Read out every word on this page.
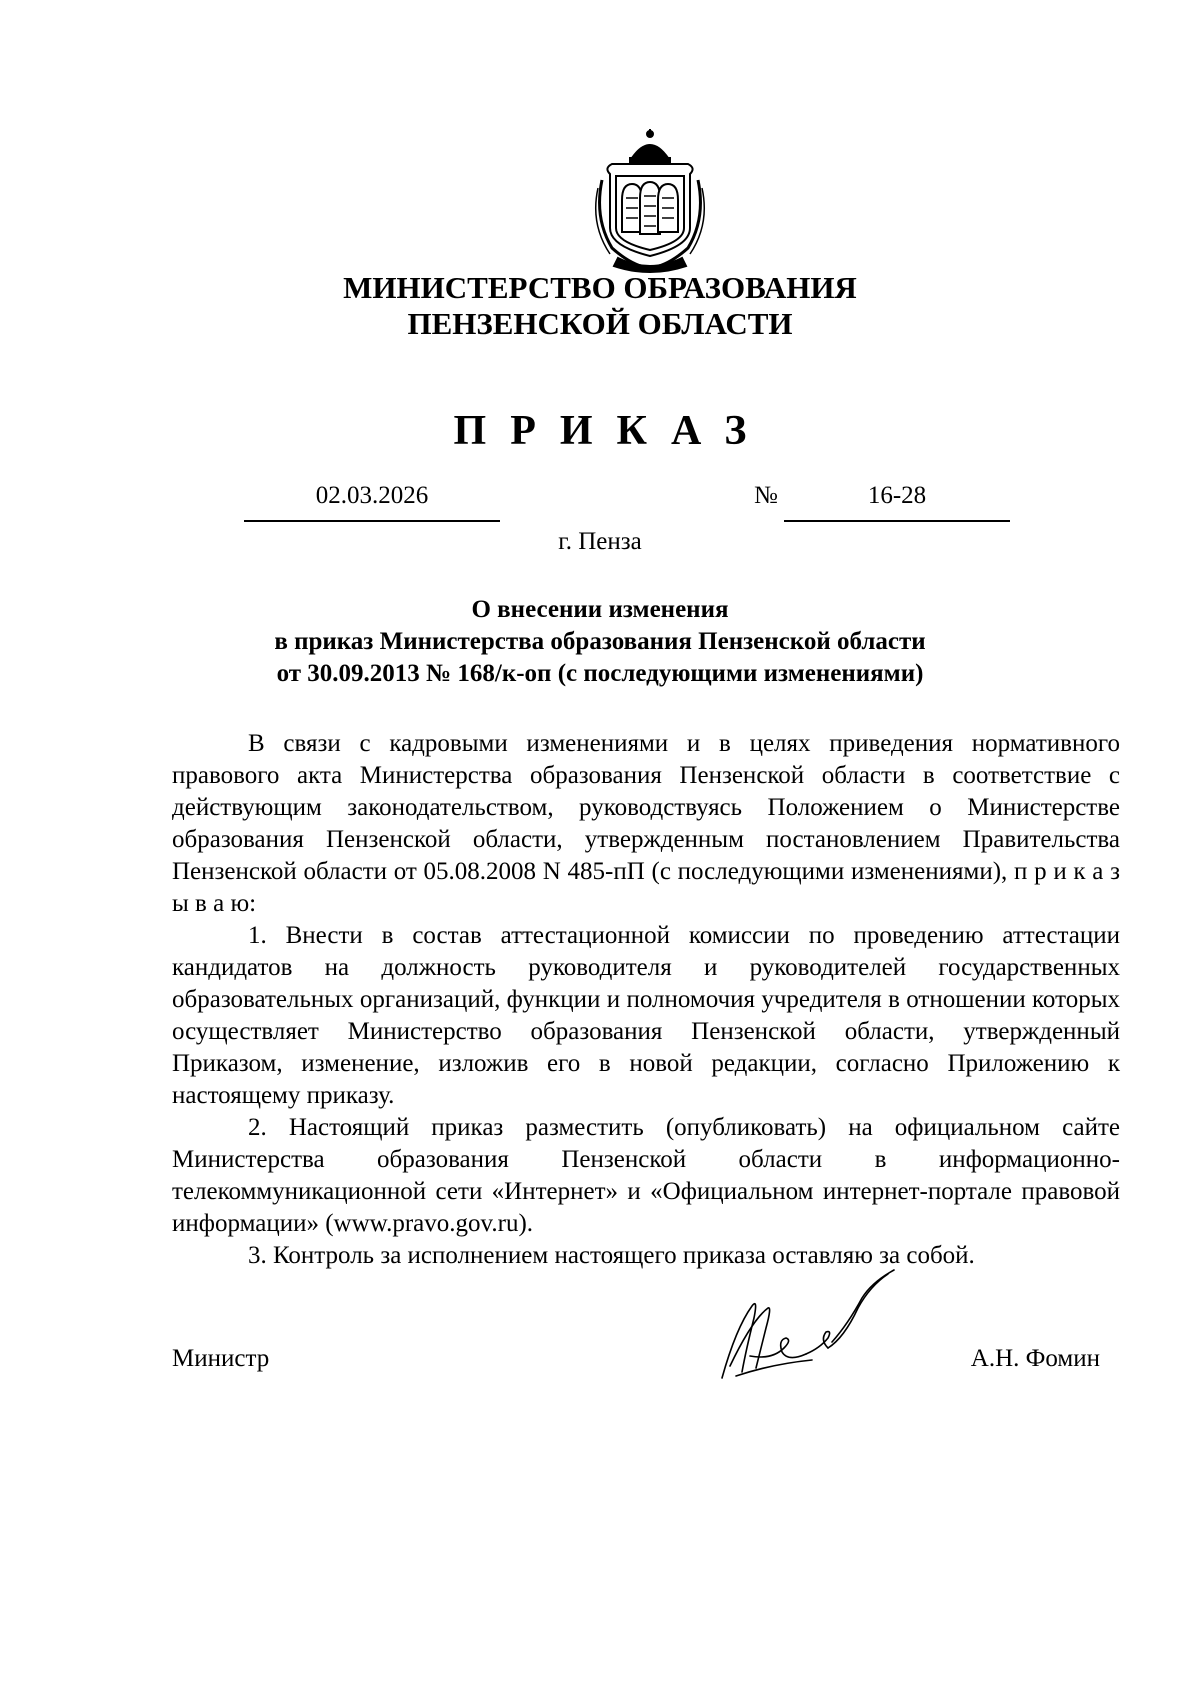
МИНИСТЕРСТВО ОБРАЗОВАНИЯ
ПЕНЗЕНСКОЙ ОБЛАСТИ
ПРИКАЗ
02.03.2026	№	16-28
г. Пенза
О внесении изменения
в приказ Министерства образования Пензенской области
от 30.09.2013 № 168/к-оп (с последующими изменениями)

В связи с кадровыми изменениями и в целях приведения нормативного правового акта Министерства образования Пензенской области в соответствие с действующим законодательством, руководствуясь Положением о Министерстве образования Пензенской области, утвержденным постановлением Правительства Пензенской области от 05.08.2008 N 485-пП (с последующими изменениями), п р и к а з ы в а ю:

1. Внести в состав аттестационной комиссии по проведению аттестации кандидатов на должность руководителя и руководителей государственных образовательных организаций, функции и полномочия учредителя в отношении которых осуществляет Министерство образования Пензенской области, утвержденный Приказом, изменение, изложив его в новой редакции, согласно Приложению к настоящему приказу.

2. Настоящий приказ разместить (опубликовать) на официальном сайте Министерства образования Пензенской области в информационно-телекоммуникационной сети «Интернет» и «Официальном интернет-портале правовой информации» (www.pravo.gov.ru).

3. Контроль за исполнением настоящего приказа оставляю за собой.

Министр	А.Н. Фомин
